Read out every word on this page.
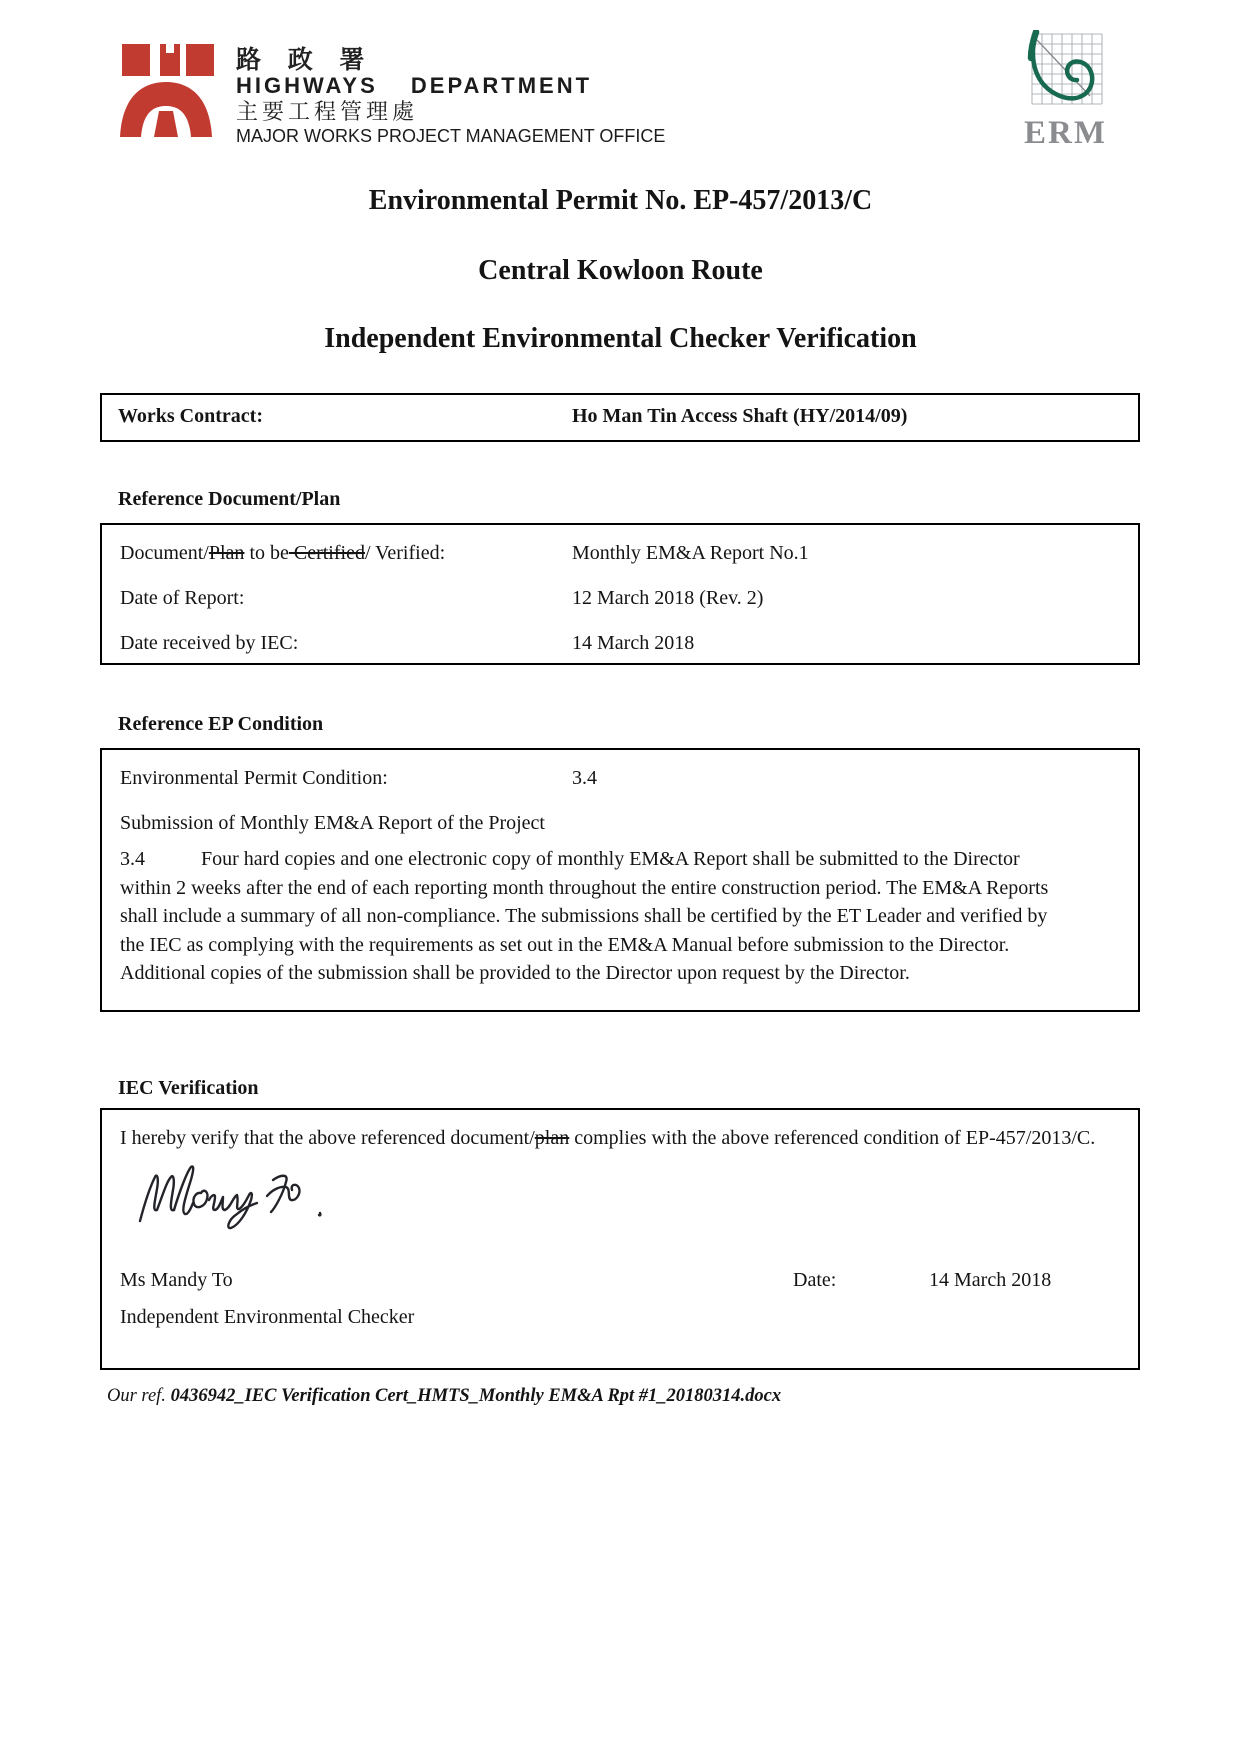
路 政 署
HIGHWAYS DEPARTMENT
主要工程管理處
MAJOR WORKS PROJECT MANAGEMENT OFFICE	ERM
Environmental Permit No. EP-457/2013/C
Central Kowloon Route
Independent Environmental Checker Verification
Works Contract:	Ho Man Tin Access Shaft (HY/2014/09)
Reference Document/Plan
Document/Plan to be Certified/ Verified:	Monthly EM&A Report No.1
Date of Report:	12 March 2018 (Rev. 2)
Date received by IEC:	14 March 2018
Reference EP Condition
Environmental Permit Condition:	3.4
Submission of Monthly EM&A Report of the Project
3.4	Four hard copies and one electronic copy of monthly EM&A Report shall be submitted to the Director within 2 weeks after the end of each reporting month throughout the entire construction period. The EM&A Reports shall include a summary of all non-compliance. The submissions shall be certified by the ET Leader and verified by the IEC as complying with the requirements as set out in the EM&A Manual before submission to the Director. Additional copies of the submission shall be provided to the Director upon request by the Director.
IEC Verification
I hereby verify that the above referenced document/plan complies with the above referenced condition of EP-457/2013/C.
Ms Mandy To	Date:	14 March 2018
Independent Environmental Checker
Our ref. 0436942_IEC Verification Cert_HMTS_Monthly EM&A Rpt #1_20180314.docx
